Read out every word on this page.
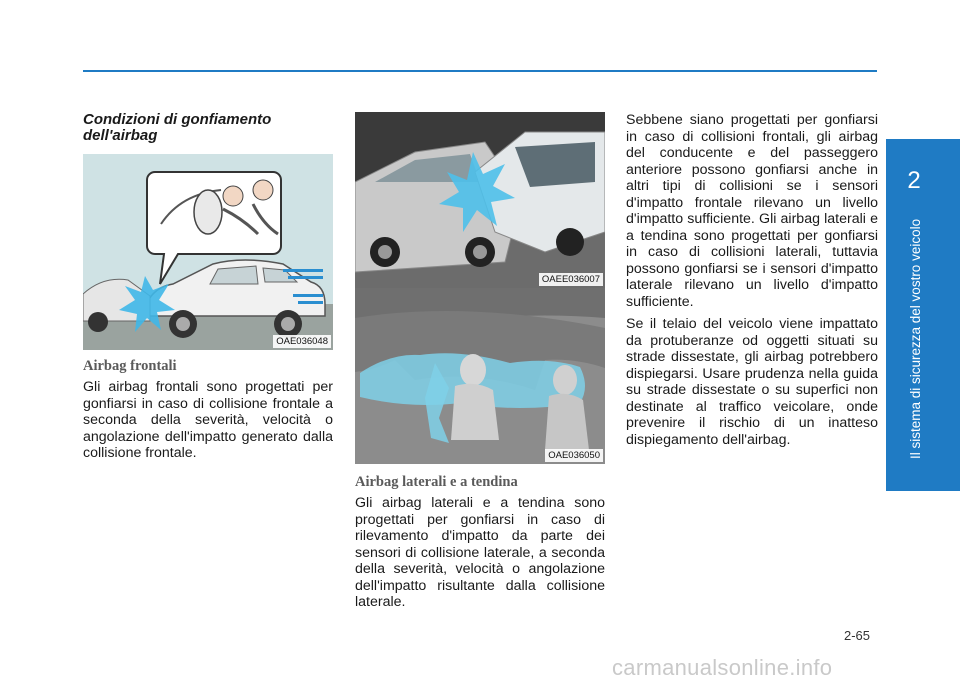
Condizioni di gonfiamento dell'airbag
OAE036048
Airbag frontali
Gli airbag frontali sono progettati per gonfiarsi in caso di collisione frontale a seconda della severità, velocità o angolazione dell'impatto generato dalla collisione frontale.
OAEE036007
OAE036050
Airbag laterali e a tendina
Gli airbag laterali e a tendina sono progettati per gonfiarsi in caso di rilevamento d'impatto da parte dei sensori di collisione laterale, a seconda della severità, velocità o angolazione dell'impatto risultante dalla collisione laterale.
Sebbene siano progettati per gonfiarsi in caso di collisioni frontali, gli airbag del conducente e del passeggero anteriore possono gonfiarsi anche in altri tipi di collisioni se i sensori d'impatto frontale rilevano un livello d'impatto sufficiente. Gli airbag laterali e a tendina sono progettati per gonfiarsi in caso di collisioni laterali, tuttavia possono gonfiarsi se i sensori d'impatto laterale rilevano un livello d'impatto sufficiente.
Se il telaio del veicolo viene impattato da protuberanze od oggetti situati su strade dissestate, gli airbag potrebbero dispiegarsi. Usare prudenza nella guida su strade dissestate o su superfici non destinate al traffico veicolare, onde prevenire il rischio di un inatteso dispiegamento dell'airbag.
2
Il sistema di sicurezza del vostro veicolo
2-65
carmanualsonline.info
